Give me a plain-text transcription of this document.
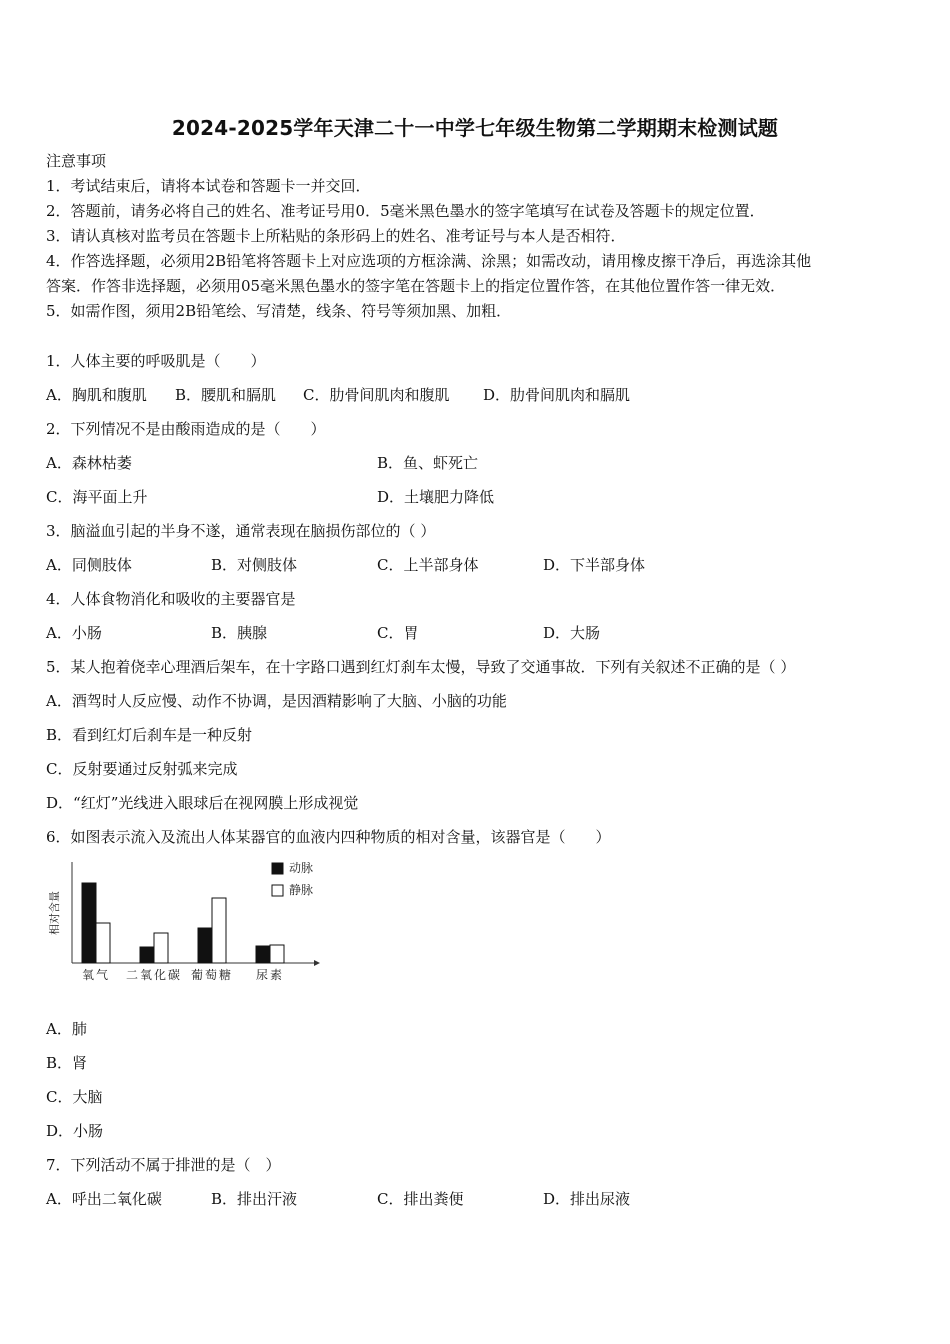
2024-2025学年天津二十一中学七年级生物第二学期期末检测试题
注意事项
1．考试结束后，请将本试卷和答题卡一并交回．
2．答题前，请务必将自己的姓名、准考证号用0．5毫米黑色墨水的签字笔填写在试卷及答题卡的规定位置．
3．请认真核对监考员在答题卡上所粘贴的条形码上的姓名、准考证号与本人是否相符．
4．作答选择题，必须用2B铅笔将答题卡上对应选项的方框涂满、涂黑；如需改动，请用橡皮擦干净后，再选涂其他
答案．作答非选择题，必须用05毫米黑色墨水的签字笔在答题卡上的指定位置作答，在其他位置作答一律无效．
5．如需作图，须用2B铅笔绘、写清楚，线条、符号等须加黑、加粗．
1．人体主要的呼吸肌是（　　）
A．胸肌和腹肌 B．腰肌和膈肌 C．肋骨间肌肉和腹肌 D．肋骨间肌肉和膈肌
2．下列情况不是由酸雨造成的是（　　）
A．森林枯萎	B．鱼、虾死亡
C．海平面上升	D．土壤肥力降低
3．脑溢血引起的半身不遂，通常表现在脑损伤部位的（ ）
A．同侧肢体	B．对侧肢体	C．上半部身体	D．下半部身体
4．人体食物消化和吸收的主要器官是
A．小肠	B．胰腺	C．胃	D．大肠
5．某人抱着侥幸心理酒后架车，在十字路口遇到红灯刹车太慢，导致了交通事故．下列有关叙述不正确的是（ ）
A．酒驾时人反应慢、动作不协调，是因酒精影响了大脑、小脑的功能
B．看到红灯后刹车是一种反射
C．反射要通过反射弧来完成
D．“红灯”光线进入眼球后在视网膜上形成视觉
6．如图表示流入及流出人体某器官的血液内四种物质的相对含量，该器官是（　　）
相对含量
氧气 二氧化碳 葡萄糖 尿素
动脉
静脉
A．肺
B．肾
C．大脑
D．小肠
7．下列活动不属于排泄的是（　）
A．呼出二氧化碳	B．排出汗液	C．排出粪便	D．排出尿液
